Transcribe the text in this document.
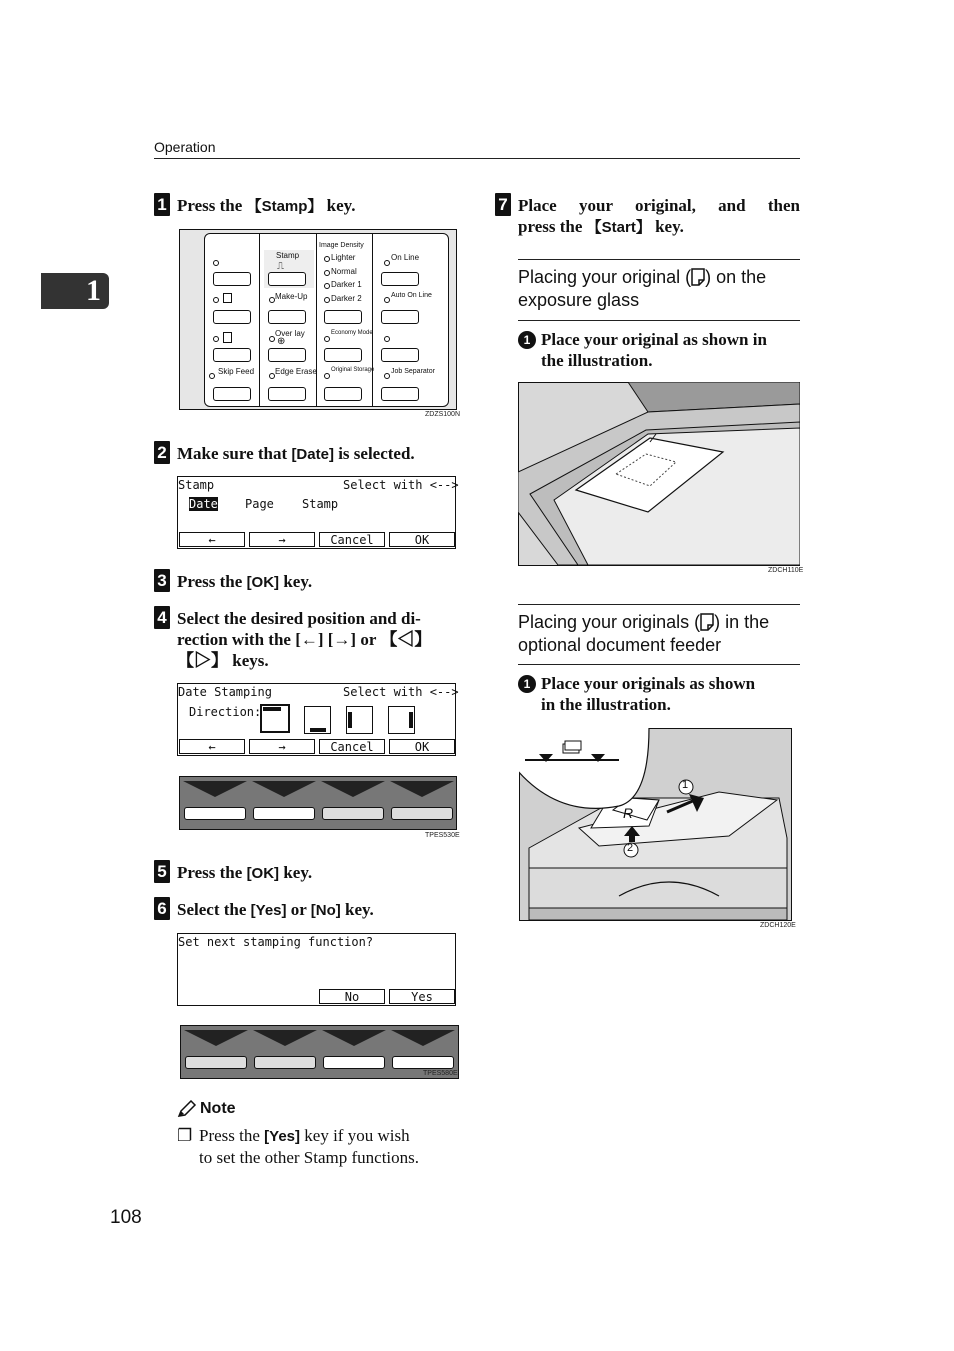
Operation
1
1 Press the 【Stamp】 key.
Skip Feed
Stamp
⎍
Make-Up
Over lay
⊕
Edge Erase
Image Density
Lighter
Normal
Darker 1
Darker 2
Economy Mode
Original Storage
On Line
Auto On Line
Job Separator
ZDZS100N
2 Make sure that [Date] is selected.
Stamp	Select with <-->
Date Page Stamp
←	→	Cancel	OK
3 Press the [OK] key.
4 Select the desired position and di-
rection with the [←] [→] or 【◁】
【▷】 keys.
Date Stamping	Select with <-->
Direction:
←	→	Cancel	OK
TPES530E
5 Press the [OK] key.
6 Select the [Yes] or [No] key.
Set next stamping function?
No	Yes
TPES580E
Note
❐ Press the [Yes] key if you wish
to set the other Stamp functions.
108
7 Place your original, and then
press the 【Start】 key.
Placing your original ( ) on the
exposure glass
1 Place your original as shown in
the illustration.
ZDCH110E
Placing your originals ( ) in the
optional document feeder
1 Place your originals as shown
in the illustration.
R
1
2
ZDCH120E
